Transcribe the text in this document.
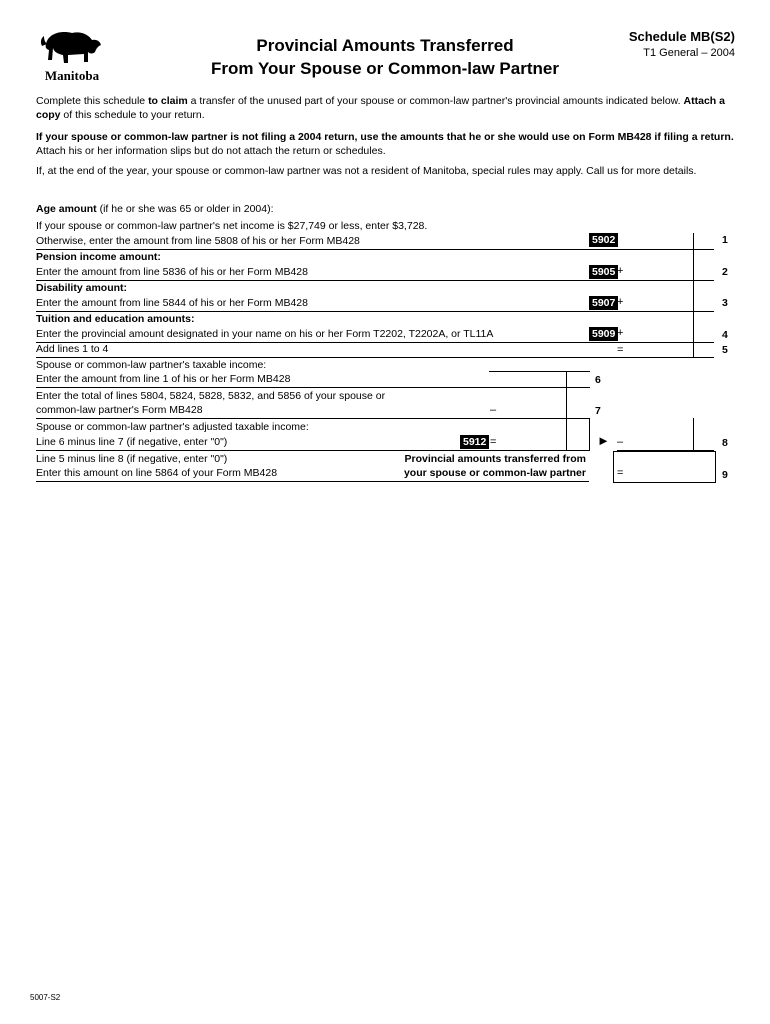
Manitoba
Provincial Amounts Transferred
From Your Spouse or Common-law Partner
Schedule MB(S2)
T1 General – 2004
Complete this schedule to claim a transfer of the unused part of your spouse or common-law partner's provincial amounts indicated below. Attach a copy of this schedule to your return.
If your spouse or common-law partner is not filing a 2004 return, use the amounts that he or she would use on Form MB428 if filing a return. Attach his or her information slips but do not attach the return or schedules.
If, at the end of the year, your spouse or common-law partner was not a resident of Manitoba, special rules may apply. Call us for more details.
Age amount (if he or she was 65 or older in 2004):
If your spouse or common-law partner's net income is $27,749 or less, enter $3,728.
Otherwise, enter the amount from line 5808 of his or her Form MB428	5902	1
Pension income amount:
Enter the amount from line 5836 of his or her Form MB428	5905 +	2
Disability amount:
Enter the amount from line 5844 of his or her Form MB428	5907 +	3
Tuition and education amounts:
Enter the provincial amount designated in your name on his or her Form T2202, T2202A, or TL11A	5909 +	4
Add lines 1 to 4	=	5
Spouse or common-law partner's taxable income:
Enter the amount from line 1 of his or her Form MB428	6
Enter the total of lines 5804, 5824, 5828, 5832, and 5856 of your spouse or
common-law partner's Form MB428	–	7
Spouse or common-law partner's adjusted taxable income:
Line 6 minus line 7 (if negative, enter "0")	5912 =	► –	8
Line 5 minus line 8 (if negative, enter "0")
Enter this amount on line 5864 of your Form MB428
Provincial amounts transferred from
your spouse or common-law partner	=	9
5007-S2
